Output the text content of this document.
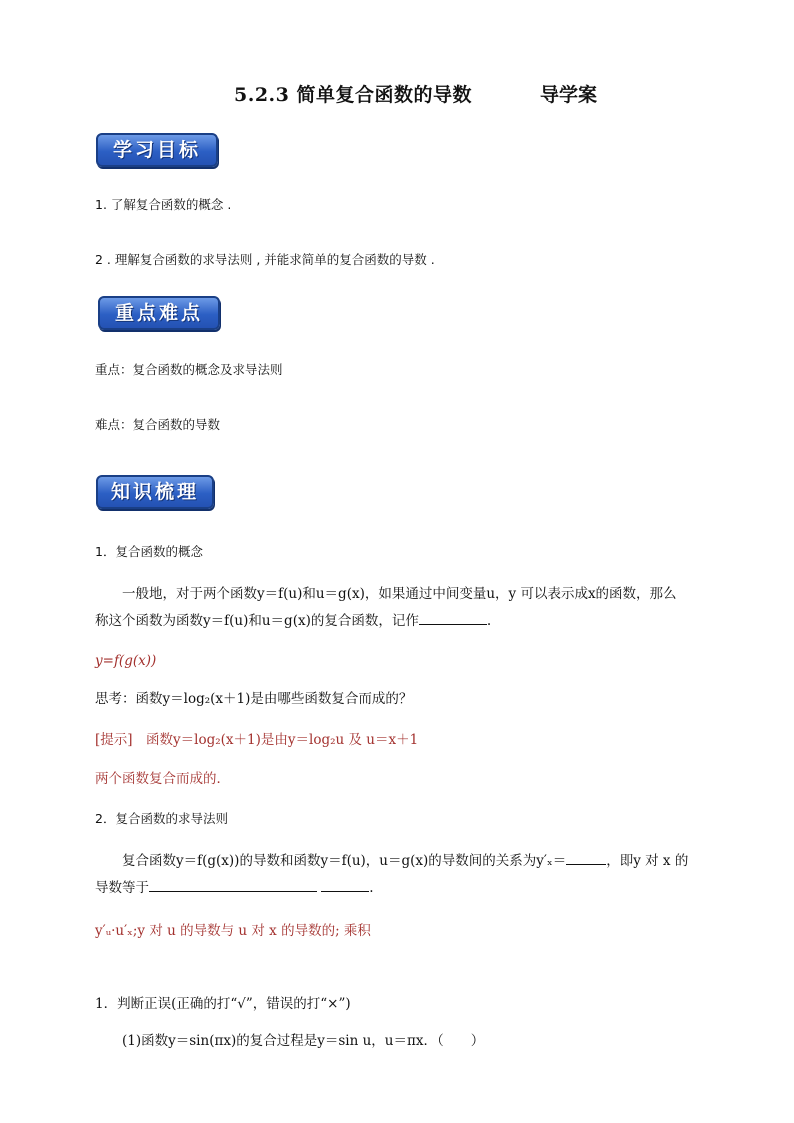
5.2.3 简单复合函数的导数	导学案
学习目标
1. 了解复合函数的概念 .
2 . 理解复合函数的求导法则 , 并能求简单的复合函数的导数 .
重点难点
重点：复合函数的概念及求导法则
难点：复合函数的导数
知识梳理
1．复合函数的概念
一般地，对于两个函数y＝f(u)和u＝g(x)，如果通过中间变量u，y 可以表示成x的函数，那么
称这个函数为函数y＝f(u)和u＝g(x)的复合函数，记作	.
y=f(g(x))
思考：函数y＝log₂(x＋1)是由哪些函数复合而成的？
[提示]　函数y＝log₂(x＋1)是由y＝log₂u 及 u＝x＋1
两个函数复合而成的．
2．复合函数的求导法则
复合函数y＝f(g(x))的导数和函数y＝f(u)，u＝g(x)的导数间的关系为y′ₓ＝	，即y 对 x 的
导数等于	.
y′ᵤ·u′ₓ;y 对 u 的导数与 u 对 x 的导数的; 乘积
1．判断正误(正确的打“√”，错误的打“×”)
(1)函数y＝sin(πx)的复合过程是y＝sin u，u＝πx．（　　）
